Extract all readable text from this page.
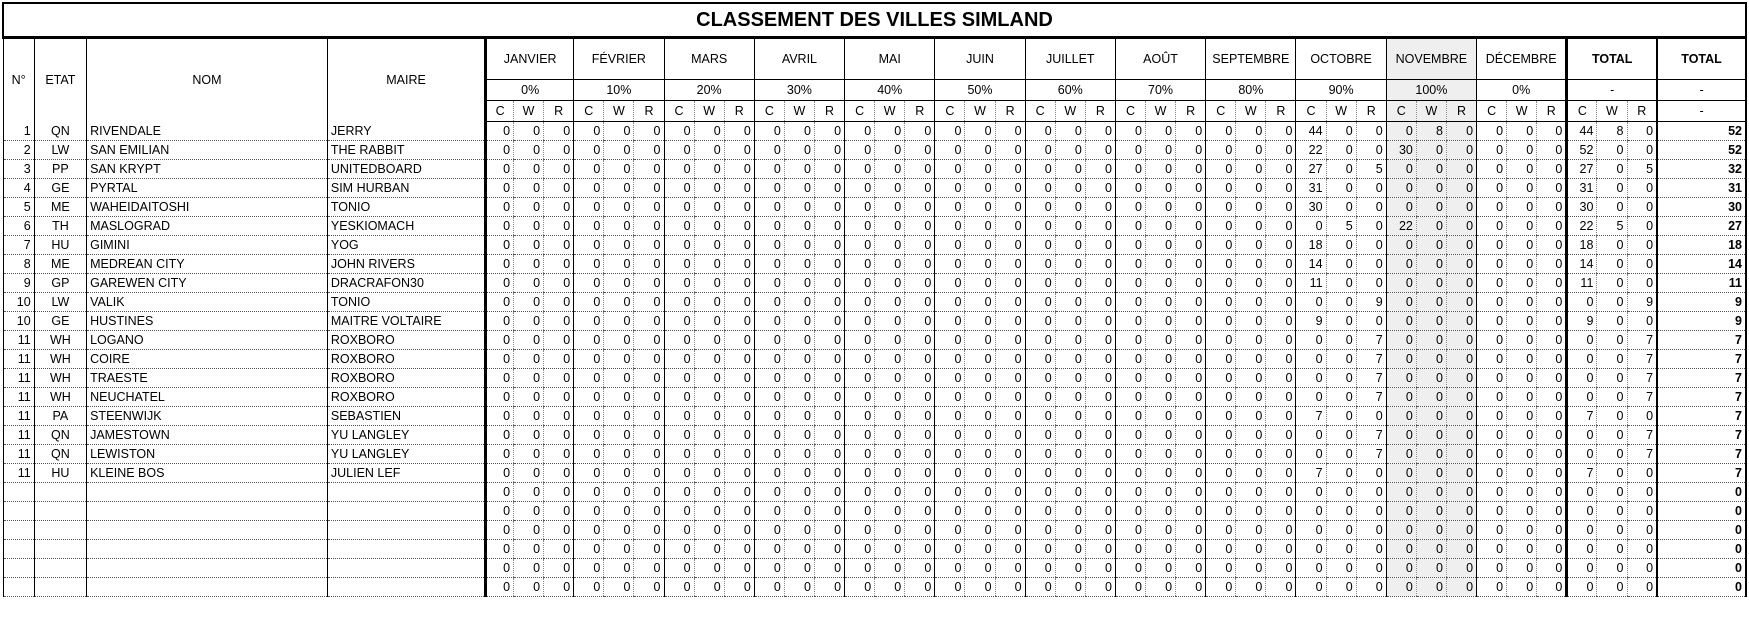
CLASSEMENT DES VILLES SIMLAND																																											
N°	ETAT	NOM	MAIRE	JANVIER			FÉVRIER			MARS			AVRIL			MAI			JUIN			JUILLET			AOÛT			SEPTEMBRE			OCTOBRE			NOVEMBRE			DÉCEMBRE			TOTAL			TOTAL
				0%			10%			20%			30%			40%			50%			60%			70%			80%			90%			100%			0%			-			-
				C	W	R	C	W	R	C	W	R	C	W	R	C	W	R	C	W	R	C	W	R	C	W	R	C	W	R	C	W	R	C	W	R	C	W	R	C	W	R	-
1	QN	RIVENDALE	JERRY	0	0	0	0	0	0	0	0	0	0	0	0	0	0	0	0	0	0	0	0	0	0	0	0	0	0	0	44	0	0	0	8	0	0	0	0	44	8	0	52
2	LW	SAN EMILIAN	THE RABBIT	0	0	0	0	0	0	0	0	0	0	0	0	0	0	0	0	0	0	0	0	0	0	0	0	0	0	0	22	0	0	30	0	0	0	0	0	52	0	0	52
3	PP	SAN KRYPT	UNITEDBOARD	0	0	0	0	0	0	0	0	0	0	0	0	0	0	0	0	0	0	0	0	0	0	0	0	0	0	0	27	0	5	0	0	0	0	0	0	27	0	5	32
4	GE	PYRTAL	SIM HURBAN	0	0	0	0	0	0	0	0	0	0	0	0	0	0	0	0	0	0	0	0	0	0	0	0	0	0	0	31	0	0	0	0	0	0	0	0	31	0	0	31
5	ME	WAHEIDAITOSHI	TONIO	0	0	0	0	0	0	0	0	0	0	0	0	0	0	0	0	0	0	0	0	0	0	0	0	0	0	0	30	0	0	0	0	0	0	0	0	30	0	0	30
6	TH	MASLOGRAD	YESKIOMACH	0	0	0	0	0	0	0	0	0	0	0	0	0	0	0	0	0	0	0	0	0	0	0	0	0	0	0	0	5	0	22	0	0	0	0	0	22	5	0	27
7	HU	GIMINI	YOG	0	0	0	0	0	0	0	0	0	0	0	0	0	0	0	0	0	0	0	0	0	0	0	0	0	0	0	18	0	0	0	0	0	0	0	0	18	0	0	18
8	ME	MEDREAN CITY	JOHN RIVERS	0	0	0	0	0	0	0	0	0	0	0	0	0	0	0	0	0	0	0	0	0	0	0	0	0	0	0	14	0	0	0	0	0	0	0	0	14	0	0	14
9	GP	GAREWEN CITY	DRACRAFON30	0	0	0	0	0	0	0	0	0	0	0	0	0	0	0	0	0	0	0	0	0	0	0	0	0	0	0	11	0	0	0	0	0	0	0	0	11	0	0	11
10	LW	VALIK	TONIO	0	0	0	0	0	0	0	0	0	0	0	0	0	0	0	0	0	0	0	0	0	0	0	0	0	0	0	0	0	9	0	0	0	0	0	0	0	0	9	9
10	GE	HUSTINES	MAITRE VOLTAIRE	0	0	0	0	0	0	0	0	0	0	0	0	0	0	0	0	0	0	0	0	0	0	0	0	0	0	0	9	0	0	0	0	0	0	0	0	9	0	0	9
11	WH	LOGANO	ROXBORO	0	0	0	0	0	0	0	0	0	0	0	0	0	0	0	0	0	0	0	0	0	0	0	0	0	0	0	0	0	7	0	0	0	0	0	0	0	0	7	7
11	WH	COIRE	ROXBORO	0	0	0	0	0	0	0	0	0	0	0	0	0	0	0	0	0	0	0	0	0	0	0	0	0	0	0	0	0	7	0	0	0	0	0	0	0	0	7	7
11	WH	TRAESTE	ROXBORO	0	0	0	0	0	0	0	0	0	0	0	0	0	0	0	0	0	0	0	0	0	0	0	0	0	0	0	0	0	7	0	0	0	0	0	0	0	0	7	7
11	WH	NEUCHATEL	ROXBORO	0	0	0	0	0	0	0	0	0	0	0	0	0	0	0	0	0	0	0	0	0	0	0	0	0	0	0	0	0	7	0	0	0	0	0	0	0	0	7	7
11	PA	STEENWIJK	SEBASTIEN	0	0	0	0	0	0	0	0	0	0	0	0	0	0	0	0	0	0	0	0	0	0	0	0	0	0	0	7	0	0	0	0	0	0	0	0	7	0	0	7
11	QN	JAMESTOWN	YU LANGLEY	0	0	0	0	0	0	0	0	0	0	0	0	0	0	0	0	0	0	0	0	0	0	0	0	0	0	0	0	0	7	0	0	0	0	0	0	0	0	7	7
11	QN	LEWISTON	YU LANGLEY	0	0	0	0	0	0	0	0	0	0	0	0	0	0	0	0	0	0	0	0	0	0	0	0	0	0	0	0	0	7	0	0	0	0	0	0	0	0	7	7
11	HU	KLEINE BOS	JULIEN LEF	0	0	0	0	0	0	0	0	0	0	0	0	0	0	0	0	0	0	0	0	0	0	0	0	0	0	0	7	0	0	0	0	0	0	0	0	7	0	0	7
				0	0	0	0	0	0	0	0	0	0	0	0	0	0	0	0	0	0	0	0	0	0	0	0	0	0	0	0	0	0	0	0	0	0	0	0	0	0	0	0
				0	0	0	0	0	0	0	0	0	0	0	0	0	0	0	0	0	0	0	0	0	0	0	0	0	0	0	0	0	0	0	0	0	0	0	0	0	0	0	0
				0	0	0	0	0	0	0	0	0	0	0	0	0	0	0	0	0	0	0	0	0	0	0	0	0	0	0	0	0	0	0	0	0	0	0	0	0	0	0	0
				0	0	0	0	0	0	0	0	0	0	0	0	0	0	0	0	0	0	0	0	0	0	0	0	0	0	0	0	0	0	0	0	0	0	0	0	0	0	0	0
				0	0	0	0	0	0	0	0	0	0	0	0	0	0	0	0	0	0	0	0	0	0	0	0	0	0	0	0	0	0	0	0	0	0	0	0	0	0	0	0
				0	0	0	0	0	0	0	0	0	0	0	0	0	0	0	0	0	0	0	0	0	0	0	0	0	0	0	0	0	0	0	0	0	0	0	0	0	0	0	0
